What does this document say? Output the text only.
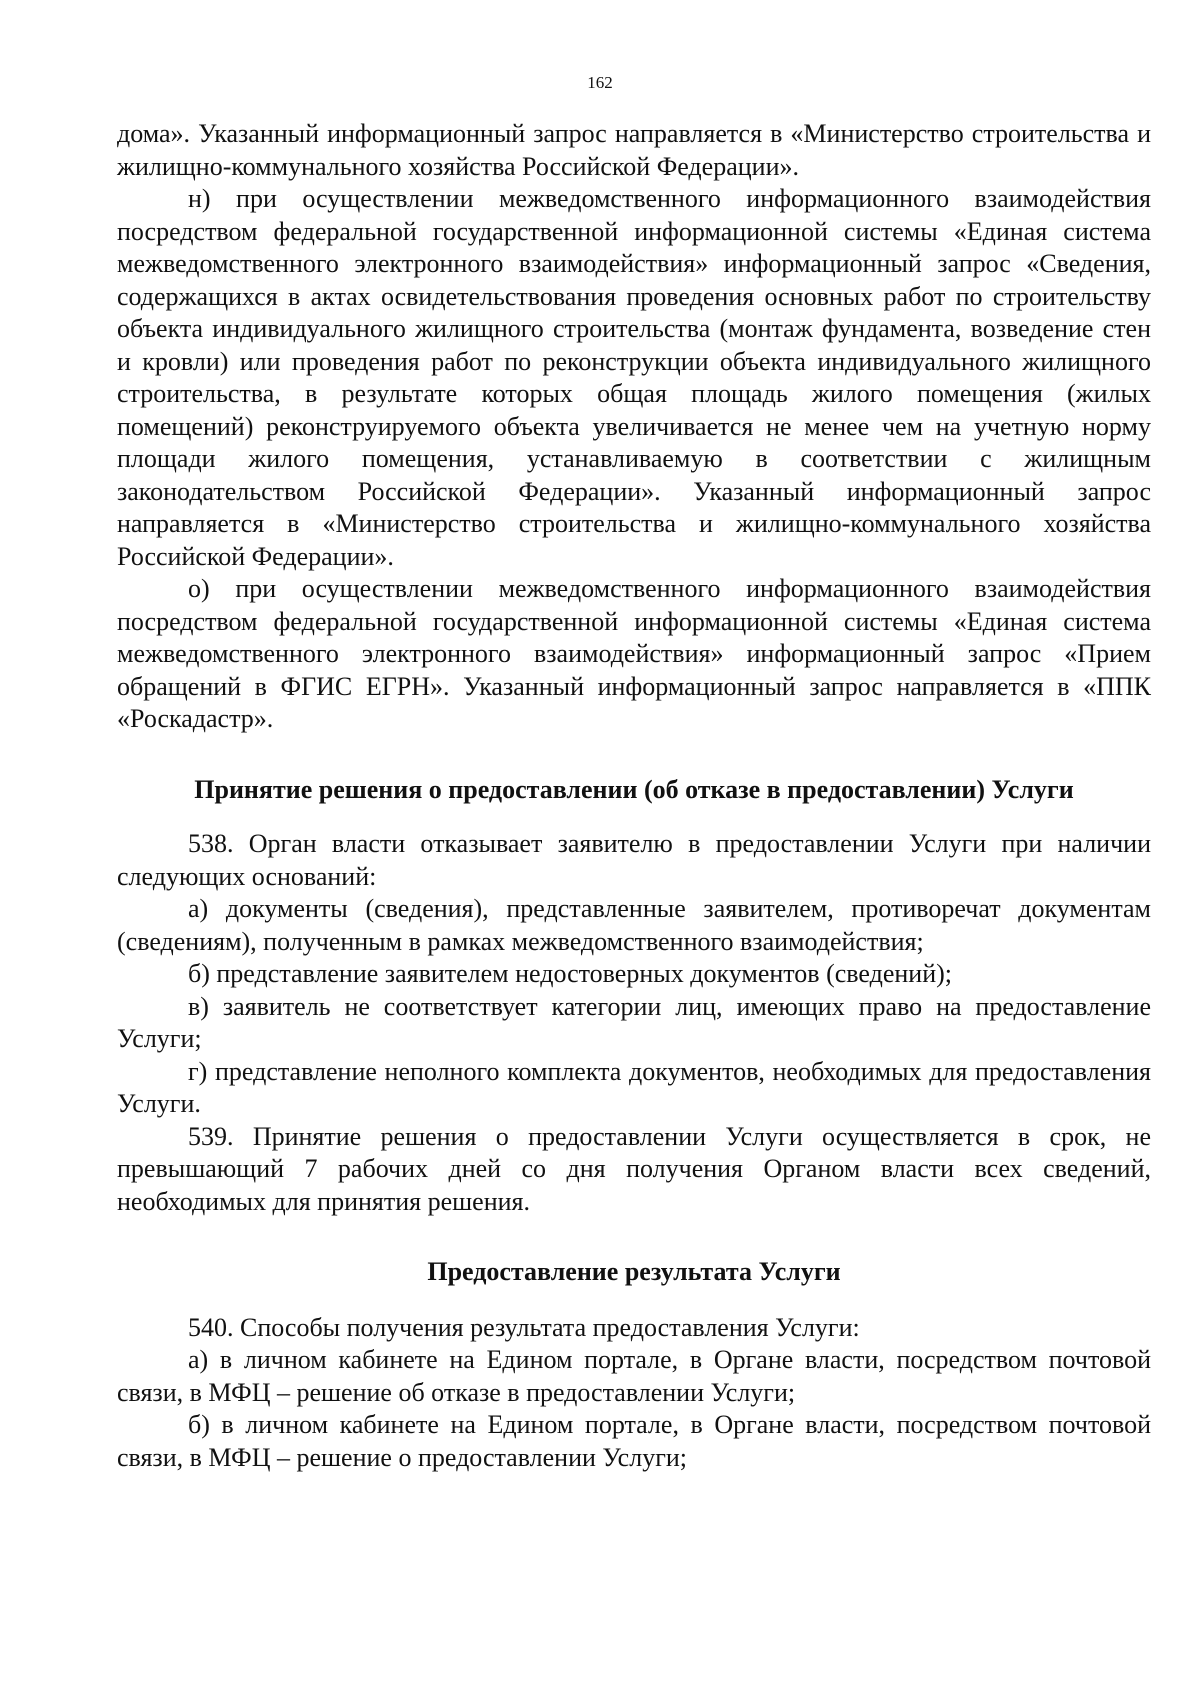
162

дома». Указанный информационный запрос направляется в «Министерство строительства и жилищно-коммунального хозяйства Российской Федерации».

н) при осуществлении межведомственного информационного взаимодействия посредством федеральной государственной информационной системы «Единая система межведомственного электронного взаимодействия» информационный запрос «Сведения, содержащихся в актах освидетельствования проведения основных работ по строительству объекта индивидуального жилищного строительства (монтаж фундамента, возведение стен и кровли) или проведения работ по реконструкции объекта индивидуального жилищного строительства, в результате которых общая площадь жилого помещения (жилых помещений) реконструируемого объекта увеличивается не менее чем на учетную норму площади жилого помещения, устанавливаемую в соответствии с жилищным законодательством Российской Федерации». Указанный информационный запрос направляется в «Министерство строительства и жилищно-коммунального хозяйства Российской Федерации».

о) при осуществлении межведомственного информационного взаимодействия посредством федеральной государственной информационной системы «Единая система межведомственного электронного взаимодействия» информационный запрос «Прием обращений в ФГИС ЕГРН». Указанный информационный запрос направляется в «ППК «Роскадастр».

Принятие решения о предоставлении (об отказе в предоставлении) Услуги

538. Орган власти отказывает заявителю в предоставлении Услуги при наличии следующих оснований:

а) документы (сведения), представленные заявителем, противоречат документам (сведениям), полученным в рамках межведомственного взаимодействия;

б) представление заявителем недостоверных документов (сведений);

в) заявитель не соответствует категории лиц, имеющих право на предоставление Услуги;

г) представление неполного комплекта документов, необходимых для предоставления Услуги.

539. Принятие решения о предоставлении Услуги осуществляется в срок, не превышающий 7 рабочих дней со дня получения Органом власти всех сведений, необходимых для принятия решения.

Предоставление результата Услуги

540. Способы получения результата предоставления Услуги:

а) в личном кабинете на Едином портале, в Органе власти, посредством почтовой связи, в МФЦ – решение об отказе в предоставлении Услуги;

б) в личном кабинете на Едином портале, в Органе власти, посредством почтовой связи, в МФЦ – решение о предоставлении Услуги;
